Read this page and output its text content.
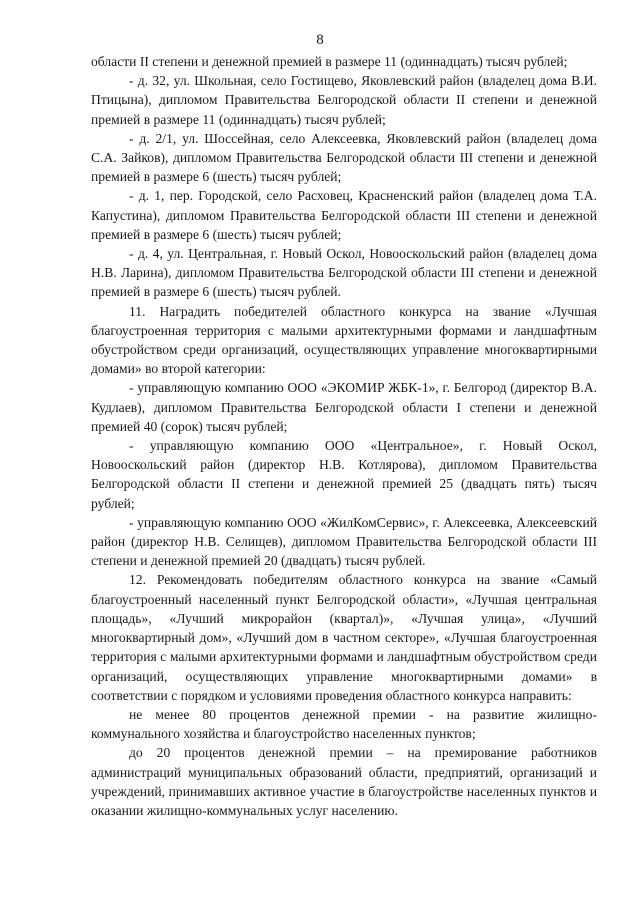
8

области II степени и денежной премией в размере 11 (одиннадцать) тысяч рублей;

- д. 32, ул. Школьная, село Гостищево, Яковлевский район (владелец дома В.И. Птицына), дипломом Правительства Белгородской области II степени и денежной премией в размере 11 (одиннадцать) тысяч рублей;

- д. 2/1, ул. Шоссейная, село Алексеевка, Яковлевский район (владелец дома С.А. Зайков), дипломом Правительства Белгородской области III степени и денежной премией в размере 6 (шесть) тысяч рублей;

- д. 1, пер. Городской, село Расховец, Красненский район (владелец дома Т.А. Капустина), дипломом Правительства Белгородской области III степени и денежной премией в размере 6 (шесть) тысяч рублей;

- д. 4, ул. Центральная, г. Новый Оскол, Новооскольский район (владелец дома Н.В. Ларина), дипломом Правительства Белгородской области III степени и денежной премией в размере 6 (шесть) тысяч рублей.

11. Наградить победителей областного конкурса на звание «Лучшая благоустроенная территория с малыми архитектурными формами и ландшафтным обустройством среди организаций, осуществляющих управление многоквартирными домами» во второй категории:

- управляющую компанию ООО «ЭКОМИР ЖБК-1», г. Белгород (директор В.А. Кудлаев), дипломом Правительства Белгородской области I степени и денежной премией 40 (сорок) тысяч рублей;

- управляющую компанию ООО «Центральное», г. Новый Оскол, Новооскольский район (директор Н.В. Котлярова), дипломом Правительства Белгородской области II степени и денежной премией 25 (двадцать пять) тысяч рублей;

- управляющую компанию ООО «ЖилКомСервис», г. Алексеевка, Алексеевский район (директор Н.В. Селищев), дипломом Правительства Белгородской области III степени и денежной премией 20 (двадцать) тысяч рублей.

12. Рекомендовать победителям областного конкурса на звание «Самый благоустроенный населенный пункт Белгородской области», «Лучшая центральная площадь», «Лучший микрорайон (квартал)», «Лучшая улица», «Лучший многоквартирный дом», «Лучший дом в частном секторе», «Лучшая благоустроенная территория с малыми архитектурными формами и ландшафтным обустройством среди организаций, осуществляющих управление многоквартирными домами» в соответствии с порядком и условиями проведения областного конкурса направить:

не менее 80 процентов денежной премии - на развитие жилищно-коммунального хозяйства и благоустройство населенных пунктов;

до 20 процентов денежной премии – на премирование работников администраций муниципальных образований области, предприятий, организаций и учреждений, принимавших активное участие в благоустройстве населенных пунктов и оказании жилищно-коммунальных услуг населению.
